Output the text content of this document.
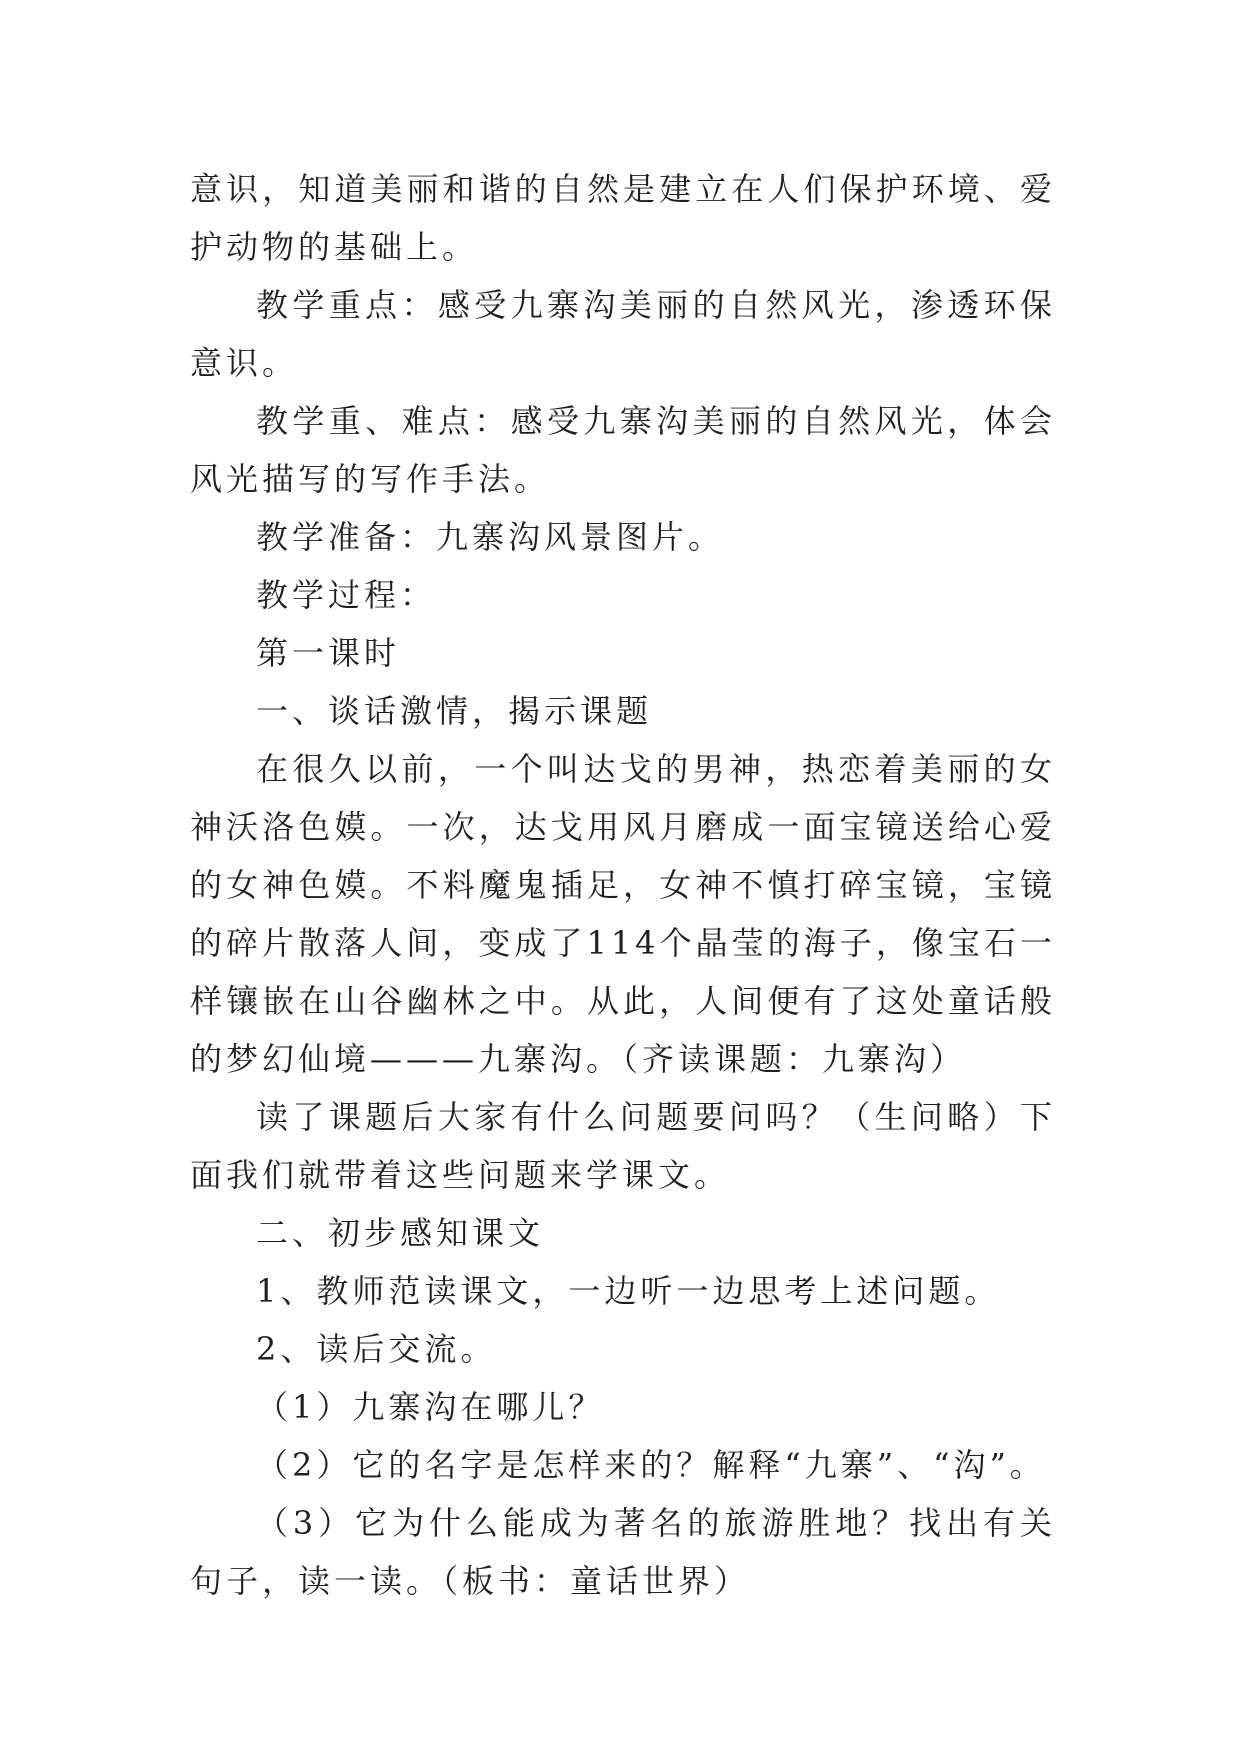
意识，知道美丽和谐的自然是建立在人们保护环境、爱护动物的基础上。

教学重点：感受九寨沟美丽的自然风光，渗透环保意识。

教学重、难点：感受九寨沟美丽的自然风光，体会风光描写的写作手法。

教学准备：九寨沟风景图片。

教学过程：

第一课时

一、谈话激情，揭示课题

在很久以前，一个叫达戈的男神，热恋着美丽的女神沃洛色嫫。一次，达戈用风月磨成一面宝镜送给心爱的女神色嫫。不料魔鬼插足，女神不慎打碎宝镜，宝镜的碎片散落人间，变成了114个晶莹的海子，像宝石一样镶嵌在山谷幽林之中。从此，人间便有了这处童话般的梦幻仙境———九寨沟。（齐读课题：九寨沟）

读了课题后大家有什么问题要问吗？（生问略）下面我们就带着这些问题来学课文。

二、初步感知课文

1、教师范读课文，一边听一边思考上述问题。

2、读后交流。

（1）九寨沟在哪儿？

（2）它的名字是怎样来的？解释“九寨”、“沟”。

（3）它为什么能成为著名的旅游胜地？找出有关句子，读一读。（板书：童话世界）
